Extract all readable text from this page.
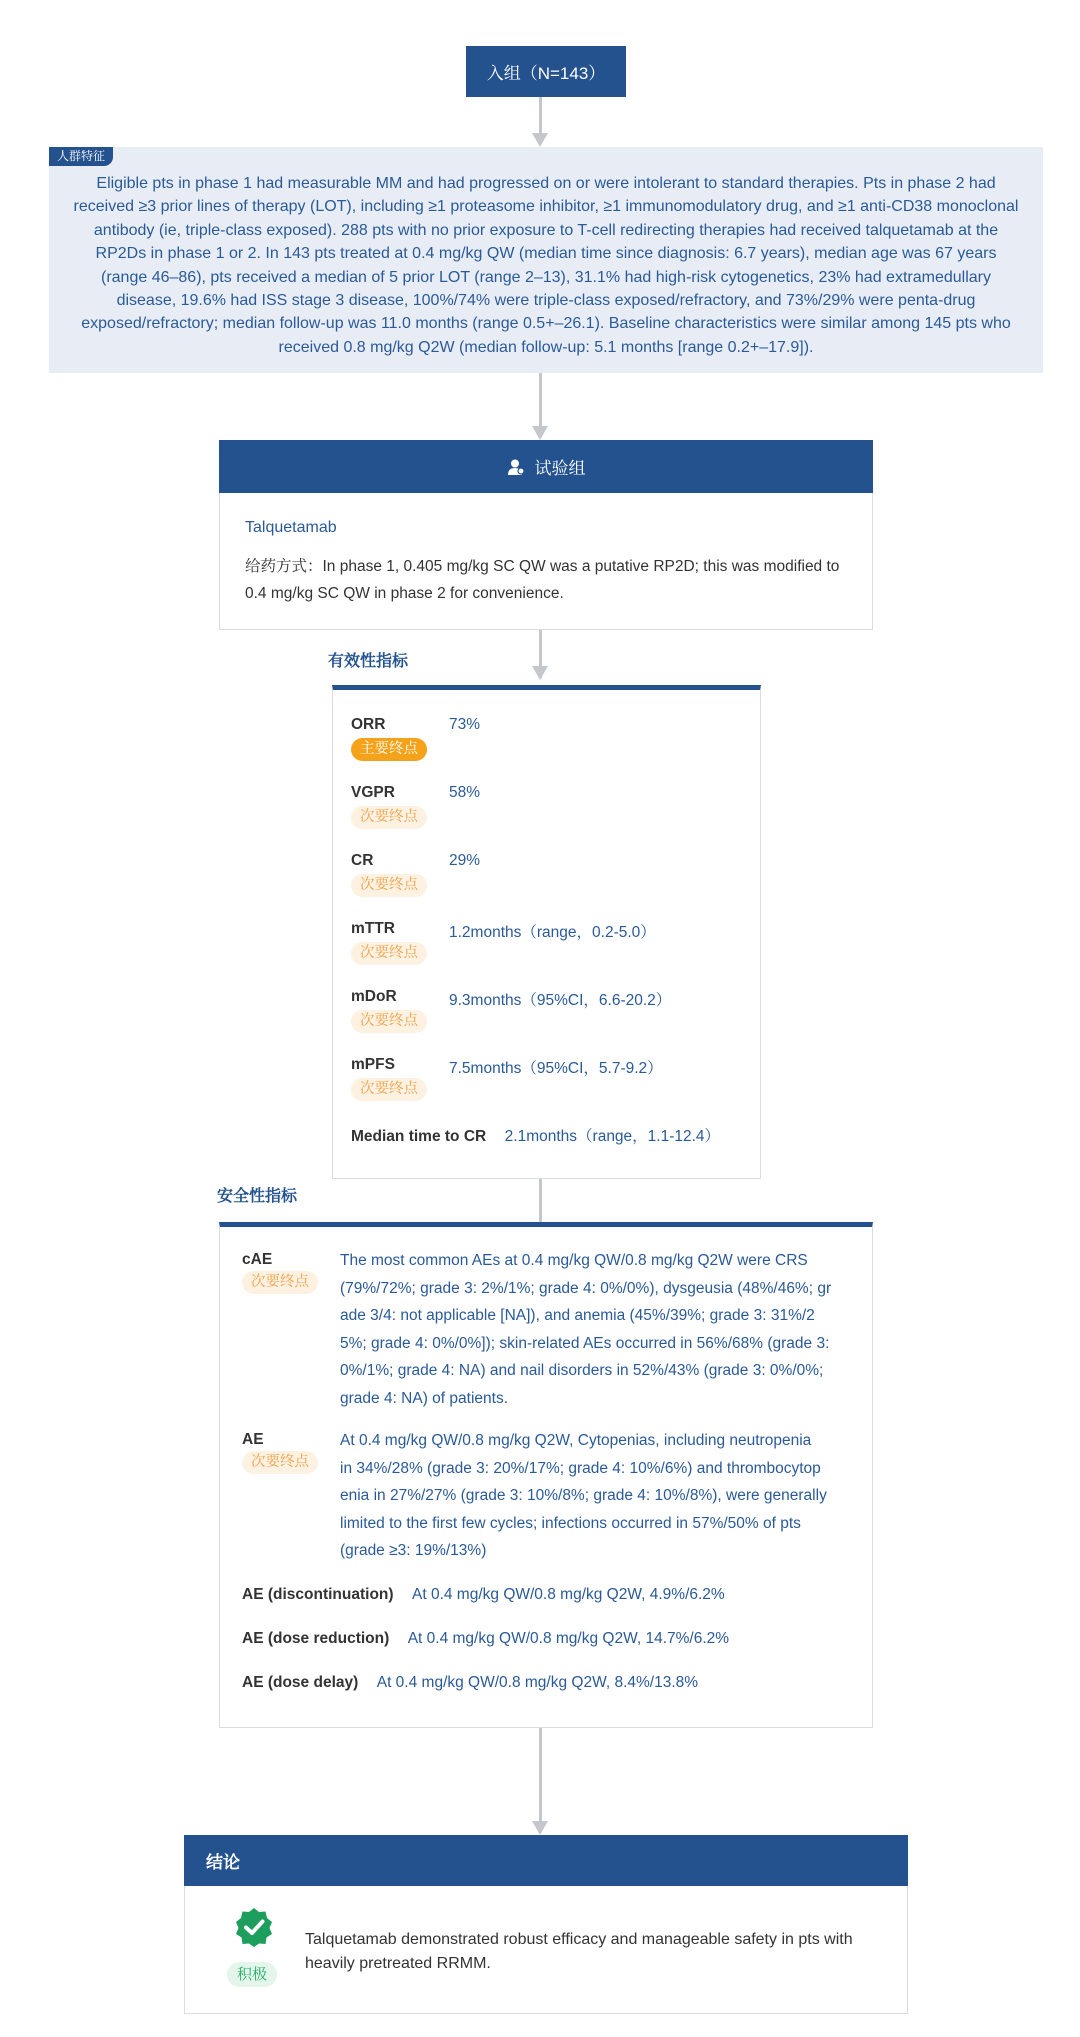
入组（N=143）
Eligible pts in phase 1 had measurable MM and had progressed on or were intolerant to standard therapies. Pts in phase 2 had received ≥3 prior lines of therapy (LOT), including ≥1 proteasome inhibitor, ≥1 immunomodulatory drug, and ≥1 anti-CD38 monoclonal antibody (ie, triple-class exposed). 288 pts with no prior exposure to T-cell redirecting therapies had received talquetamab at the RP2Ds in phase 1 or 2. In 143 pts treated at 0.4 mg/kg QW (median time since diagnosis: 6.7 years), median age was 67 years (range 46–86), pts received a median of 5 prior LOT (range 2–13), 31.1% had high-risk cytogenetics, 23% had extramedullary disease, 19.6% had ISS stage 3 disease, 100%/74% were triple-class exposed/refractory, and 73%/29% were penta-drug exposed/refractory; median follow-up was 11.0 months (range 0.5+–26.1). Baseline characteristics were similar among 145 pts who received 0.8 mg/kg Q2W (median follow-up: 5.1 months [range 0.2+–17.9]).
人群特征
试验组
Talquetamab
给药方式：In phase 1, 0.405 mg/kg SC QW was a putative RP2D; this was modified to 0.4 mg/kg SC QW in phase 2 for convenience.
有效性指标
ORR
主要终点
73%
VGPR
次要终点
58%
CR
次要终点
29%
mTTR
次要终点
1.2months（range，0.2-5.0）
mDoR
次要终点
9.3months（95%CI，6.6-20.2）
mPFS
次要终点
7.5months（95%CI，5.7-9.2）
Median time to CR 2.1months（range，1.1-12.4）
安全性指标
cAE
次要终点
The most common AEs at 0.4 mg/kg QW/0.8 mg/kg Q2W were CRS
(79%/72%; grade 3: 2%/1%; grade 4: 0%/0%), dysgeusia (48%/46%; gr
ade 3/4: not applicable [NA]), and anemia (45%/39%; grade 3: 31%/2
5%; grade 4: 0%/0%]); skin-related AEs occurred in 56%/68% (grade 3:
0%/1%; grade 4: NA) and nail disorders in 52%/43% (grade 3: 0%/0%;
grade 4: NA) of patients.
AE
次要终点
At 0.4 mg/kg QW/0.8 mg/kg Q2W, Cytopenias, including neutropenia
in 34%/28% (grade 3: 20%/17%; grade 4: 10%/6%) and thrombocytop
enia in 27%/27% (grade 3: 10%/8%; grade 4: 10%/8%), were generally
limited to the first few cycles; infections occurred in 57%/50% of pts
(grade ≥3: 19%/13%)
AE (discontinuation) At 0.4 mg/kg QW/0.8 mg/kg Q2W, 4.9%/6.2%
AE (dose reduction) At 0.4 mg/kg QW/0.8 mg/kg Q2W, 14.7%/6.2%
AE (dose delay) At 0.4 mg/kg QW/0.8 mg/kg Q2W, 8.4%/13.8%
结论
积极
Talquetamab demonstrated robust efficacy and manageable safety in pts with heavily pretreated RRMM.
